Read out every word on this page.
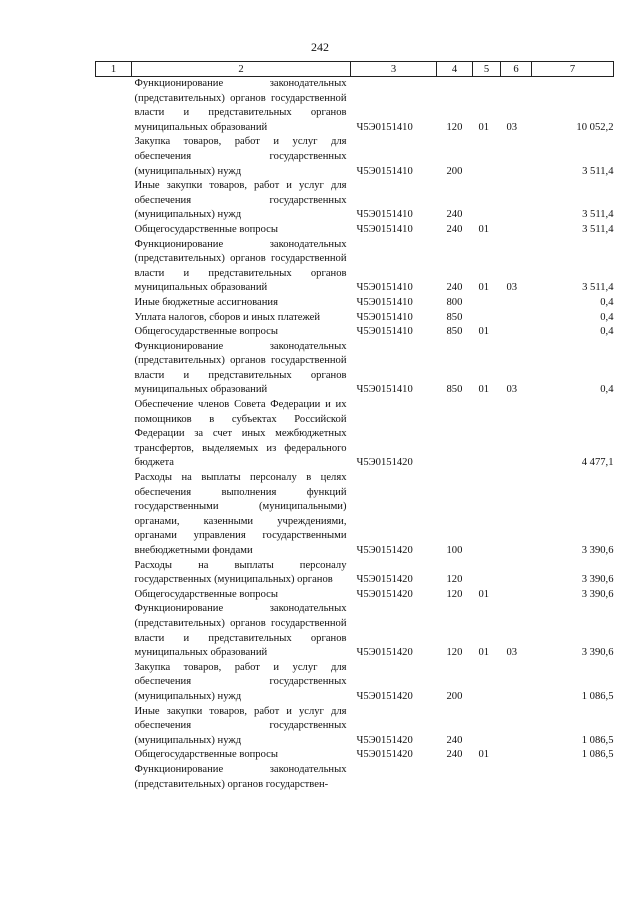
242
1	2	3	4	5	6	7
	Функционирование законодательных (представительных) органов государственной власти и представительных органов муниципальных образований	Ч5Э0151410	120	01	03	10 052,2
	Закупка товаров, работ и услуг для обеспечения государственных (муниципальных) нужд	Ч5Э0151410	200			3 511,4
	Иные закупки товаров, работ и услуг для обеспечения государственных (муниципальных) нужд	Ч5Э0151410	240			3 511,4
	Общегосударственные вопросы	Ч5Э0151410	240	01		3 511,4
	Функционирование законодательных (представительных) органов государственной власти и представительных органов муниципальных образований	Ч5Э0151410	240	01	03	3 511,4
	Иные бюджетные ассигнования	Ч5Э0151410	800			0,4
	Уплата налогов, сборов и иных платежей	Ч5Э0151410	850			0,4
	Общегосударственные вопросы	Ч5Э0151410	850	01		0,4
	Функционирование законодательных (представительных) органов государственной власти и представительных органов муниципальных образований	Ч5Э0151410	850	01	03	0,4
	Обеспечение членов Совета Федерации и их помощников в субъектах Российской Федерации за счет иных межбюджетных трансфертов, выделяемых из федерального бюджета	Ч5Э0151420				4 477,1
	Расходы на выплаты персоналу в целях обеспечения выполнения функций государственными (муниципальными) органами, казенными учреждениями, органами управления государственными внебюджетными фондами	Ч5Э0151420	100			3 390,6
	Расходы на выплаты персоналу государственных (муниципальных) органов	Ч5Э0151420	120			3 390,6
	Общегосударственные вопросы	Ч5Э0151420	120	01		3 390,6
	Функционирование законодательных (представительных) органов государственной власти и представительных органов муниципальных образований	Ч5Э0151420	120	01	03	3 390,6
	Закупка товаров, работ и услуг для обеспечения государственных (муниципальных) нужд	Ч5Э0151420	200			1 086,5
	Иные закупки товаров, работ и услуг для обеспечения государственных (муниципальных) нужд	Ч5Э0151420	240			1 086,5
	Общегосударственные вопросы	Ч5Э0151420	240	01		1 086,5
	Функционирование законодательных (представительных) органов государствен-					
